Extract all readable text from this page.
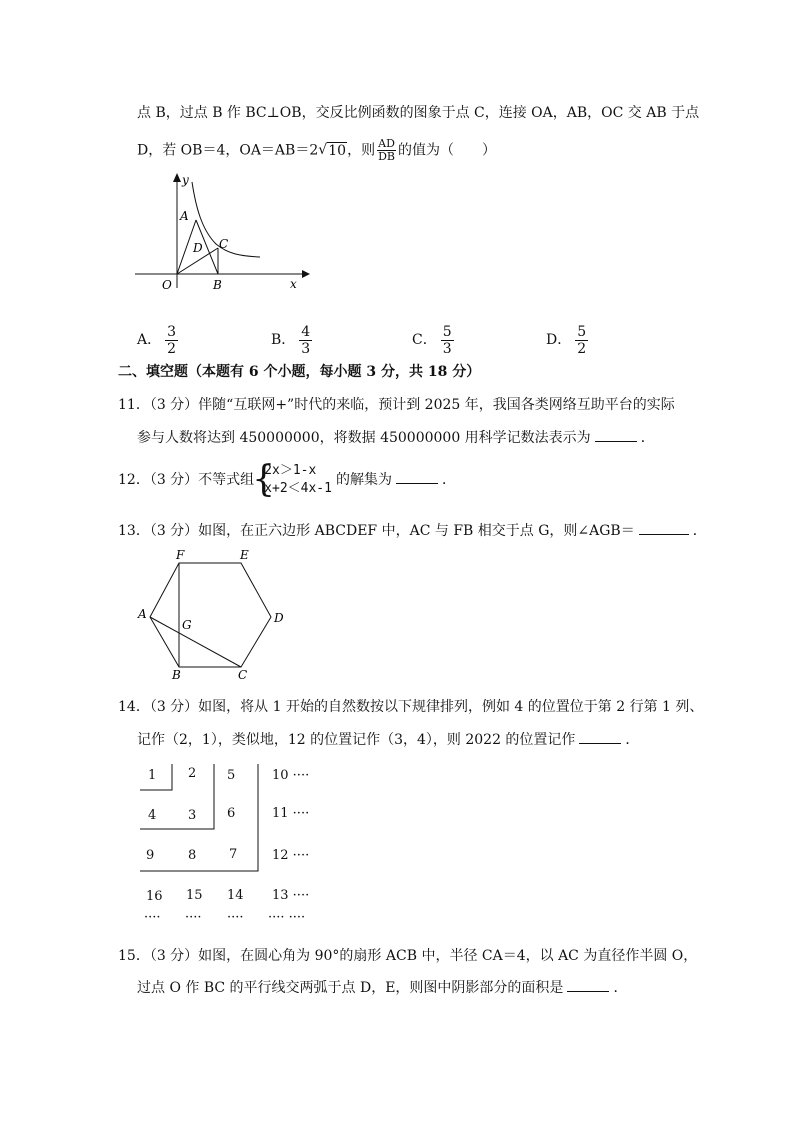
点 B，过点 B 作 BC⊥OB，交反比例函数的图象于点 C，连接 OA，AB，OC 交 AB 于点
D，若 OB＝4，OA＝AB＝2√ 10，则 $\frac{AD}{DB}$ 的值为（　　）
y
x
O
A
B
C
D
A． $\frac{3}{2}$	B． $\frac{4}{3}$	C． $\frac{5}{3}$	D． $\frac{5}{2}$
二、填空题（本题有 6 个小题，每小题 3 分，共 18 分）
11．（3 分）伴随“互联网+”时代的来临，预计到 2025 年，我国各类网络互助平台的实际
参与人数将达到 450000000，将数据 450000000 用科学记数法表示为	．
12．（3 分）不等式组
{ 2x＞1-x
x+2＜4x-1
的解集为	．
13．（3 分）如图，在正六边形 ABCDEF 中，AC 与 FB 相交于点 G，则∠AGB＝	．
F	E
D
A
G
B	C
14．（3 分）如图，将从 1 开始的自然数按以下规律排列，例如 4 的位置位于第 2 行第 1 列、
记作（2，1），类似地，12 的位置记作（3，4），则 2022 的位置记作	．
1 2 5	10 ····
4 3 6	11 ····
9	8	7	12 ····
16 15 14 13 ····
···· ···· ···· ···· ····
15．（3 分）如图，在圆心角为 90°的扇形 ACB 中，半径 CA＝4，以 AC 为直径作半圆 O，
过点 O 作 BC 的平行线交两弧于点 D，E，则图中阴影部分的面积是	．
